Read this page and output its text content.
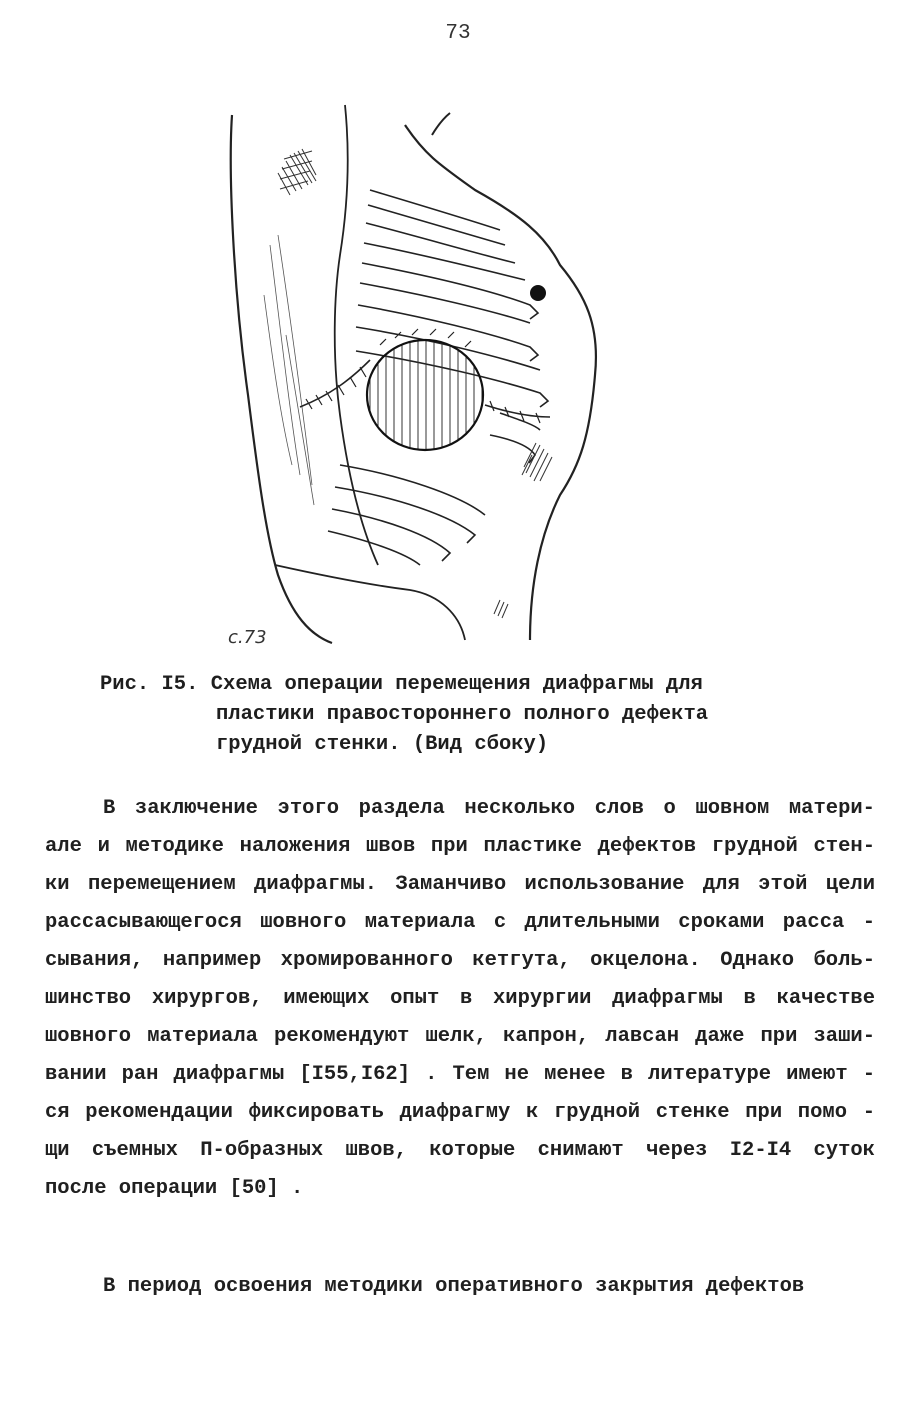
73
с.73
Рис. I5. Схема операции перемещения диафрагмы для
пластики правостороннего полного дефекта
грудной стенки. (Вид сбоку)
В заключение этого раздела несколько слов о шовном матери-
але и методике наложения швов при пластике дефектов грудной стен-
ки перемещением диафрагмы. Заманчиво использование для этой цели
рассасывающегося шовного материала с длительными сроками расса -
сывания, например хромированного кетгута, окцелона. Однако боль-
шинство хирургов, имеющих опыт в хирургии диафрагмы в качестве
шовного материала рекомендуют шелк, капрон, лавсан даже при заши-
вании ран диафрагмы [I55,I62] . Тем не менее в литературе имеют -
ся рекомендации фиксировать диафрагму к грудной стенке при помо -
щи съемных П-образных швов, которые снимают через I2-I4 суток
после операции [50] .
В период освоения методики оперативного закрытия дефектов
